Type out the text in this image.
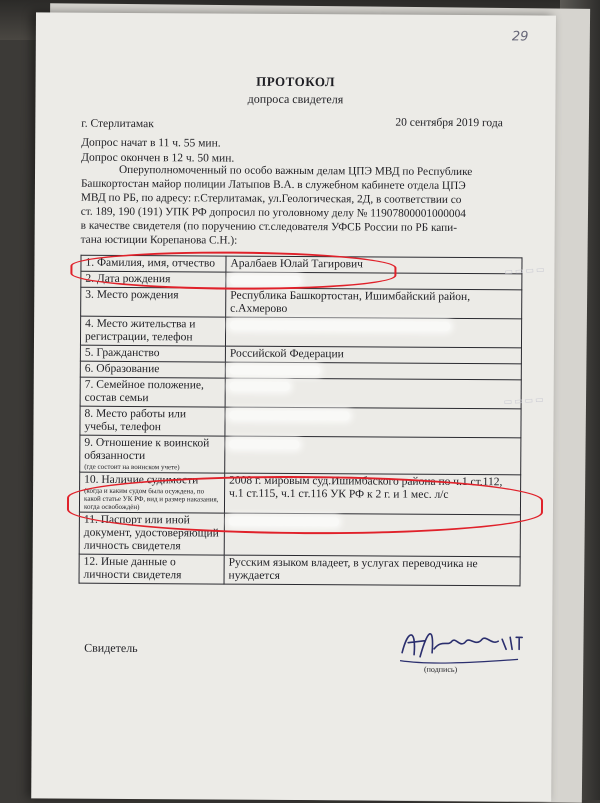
29
ПРОТОКОЛ
допроса свидетеля
г. Стерлитамак	20 сентября 2019 года
Допрос начат в 11 ч. 55 мин.
Допрос окончен в 12 ч. 50 мин.
Оперуполномоченный по особо важным делам ЦПЭ МВД по Республике
Башкортостан майор полиции Латыпов В.А. в служебном кабинете отдела ЦПЭ
МВД по РБ, по адресу: г.Стерлитамак, ул.Геологическая, 2Д, в соответствии со
ст. 189, 190 (191) УПК РФ допросил по уголовному делу № 11907800001000004
в качестве свидетеля (по поручению ст.следователя УФСБ России по РБ капи-
тана юстиции Корепанова С.Н.):
1. Фамилия, имя, отчество	Аралбаев Юлай Тагирович
2. Дата рождения	
3. Место рождения	Республика Башкортостан, Ишимбайский район, с.Ахмерово
4. Место жительства и регистрации, телефон	
5. Гражданство	Российской Федерации
6. Образование	
7. Семейное положение, состав семьи	
8. Место работы или учебы, телефон	
9. Отношение к воинской обязанности
(где состоит на воинском учете)	

10. Наличие судимости
(когда и каким судом была осуждена, по какой статье УК РФ, вид и размер наказания, когда освобождён)	2008 г. мировым суд.Ишимбаского района по ч.1 ст.112, ч.1 ст.115, ч.1 ст.116 УК РФ к 2 г. и 1 мес. л/с
11. Паспорт или иной документ, удостоверяющий личность свидетеля	
12. Иные данные о личности свидетеля	Русским языком владеет, в услугах переводчика не нуждается
▭▭▭▭
▭▭▭▭
Свидетель
(подпись)
